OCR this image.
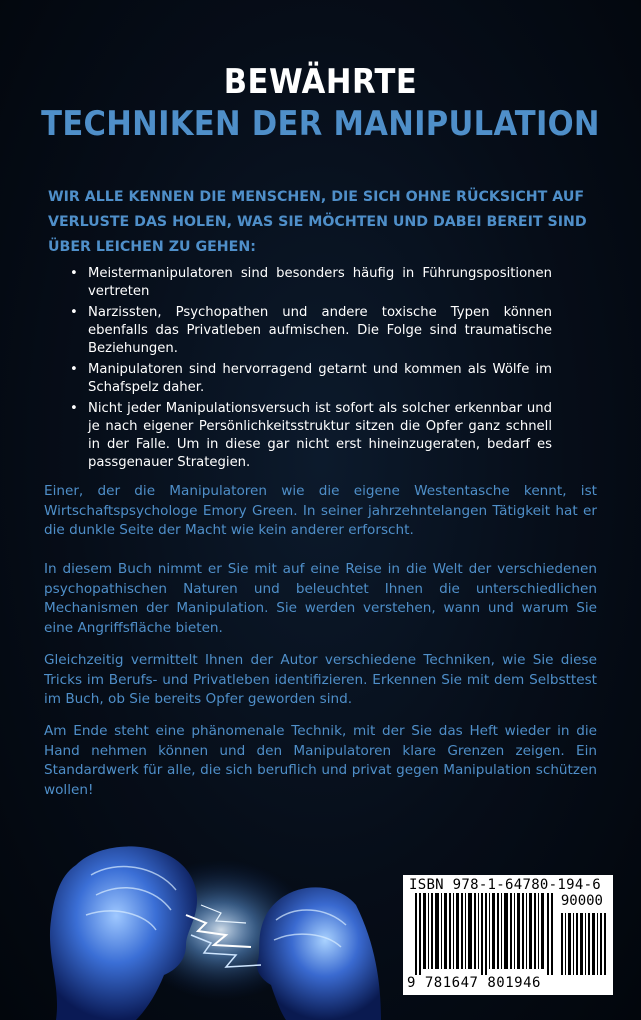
BEWÄHRTE
TECHNIKEN DER MANIPULATION
WIR ALLE KENNEN DIE MENSCHEN, DIE SICH OHNE RÜCKSICHT AUF VERLUSTE DAS HOLEN, WAS SIE MÖCHTEN UND DABEI BEREIT SIND ÜBER LEICHEN ZU GEHEN:
• Meistermanipulatoren sind besonders häufig in Führungspositionen vertreten
• Narzissten, Psychopathen und andere toxische Typen können ebenfalls das Privatleben aufmischen. Die Folge sind traumatische Beziehungen.
• Manipulatoren sind hervorragend getarnt und kommen als Wölfe im Schafspelz daher.
• Nicht jeder Manipulationsversuch ist sofort als solcher erkennbar und je nach eigener Persönlichkeitsstruktur sitzen die Opfer ganz schnell in der Falle. Um in diese gar nicht erst hineinzugeraten, bedarf es passgenauer Strategien.

Einer, der die Manipulatoren wie die eigene Westentasche kennt, ist Wirtschaftspsychologe Emory Green. In seiner jahrzehntelangen Tätigkeit hat er die dunkle Seite der Macht wie kein anderer erforscht.

In diesem Buch nimmt er Sie mit auf eine Reise in die Welt der verschiedenen psychopathischen Naturen und beleuchtet Ihnen die unterschiedlichen Mechanismen der Manipulation. Sie werden verstehen, wann und warum Sie eine Angriffsfläche bieten.

Gleichzeitig vermittelt Ihnen der Autor verschiedene Techniken, wie Sie diese Tricks im Berufs- und Privatleben identifizieren. Erkennen Sie mit dem Selbsttest im Buch, ob Sie bereits Opfer geworden sind.

Am Ende steht eine phänomenale Technik, mit der Sie das Heft wieder in die Hand nehmen können und den Manipulatoren klare Grenzen zeigen. Ein Standardwerk für alle, die sich beruflich und privat gegen Manipulation schützen wollen!

ISBN 978-1-64780-194-6
90000
9 781647 801946
